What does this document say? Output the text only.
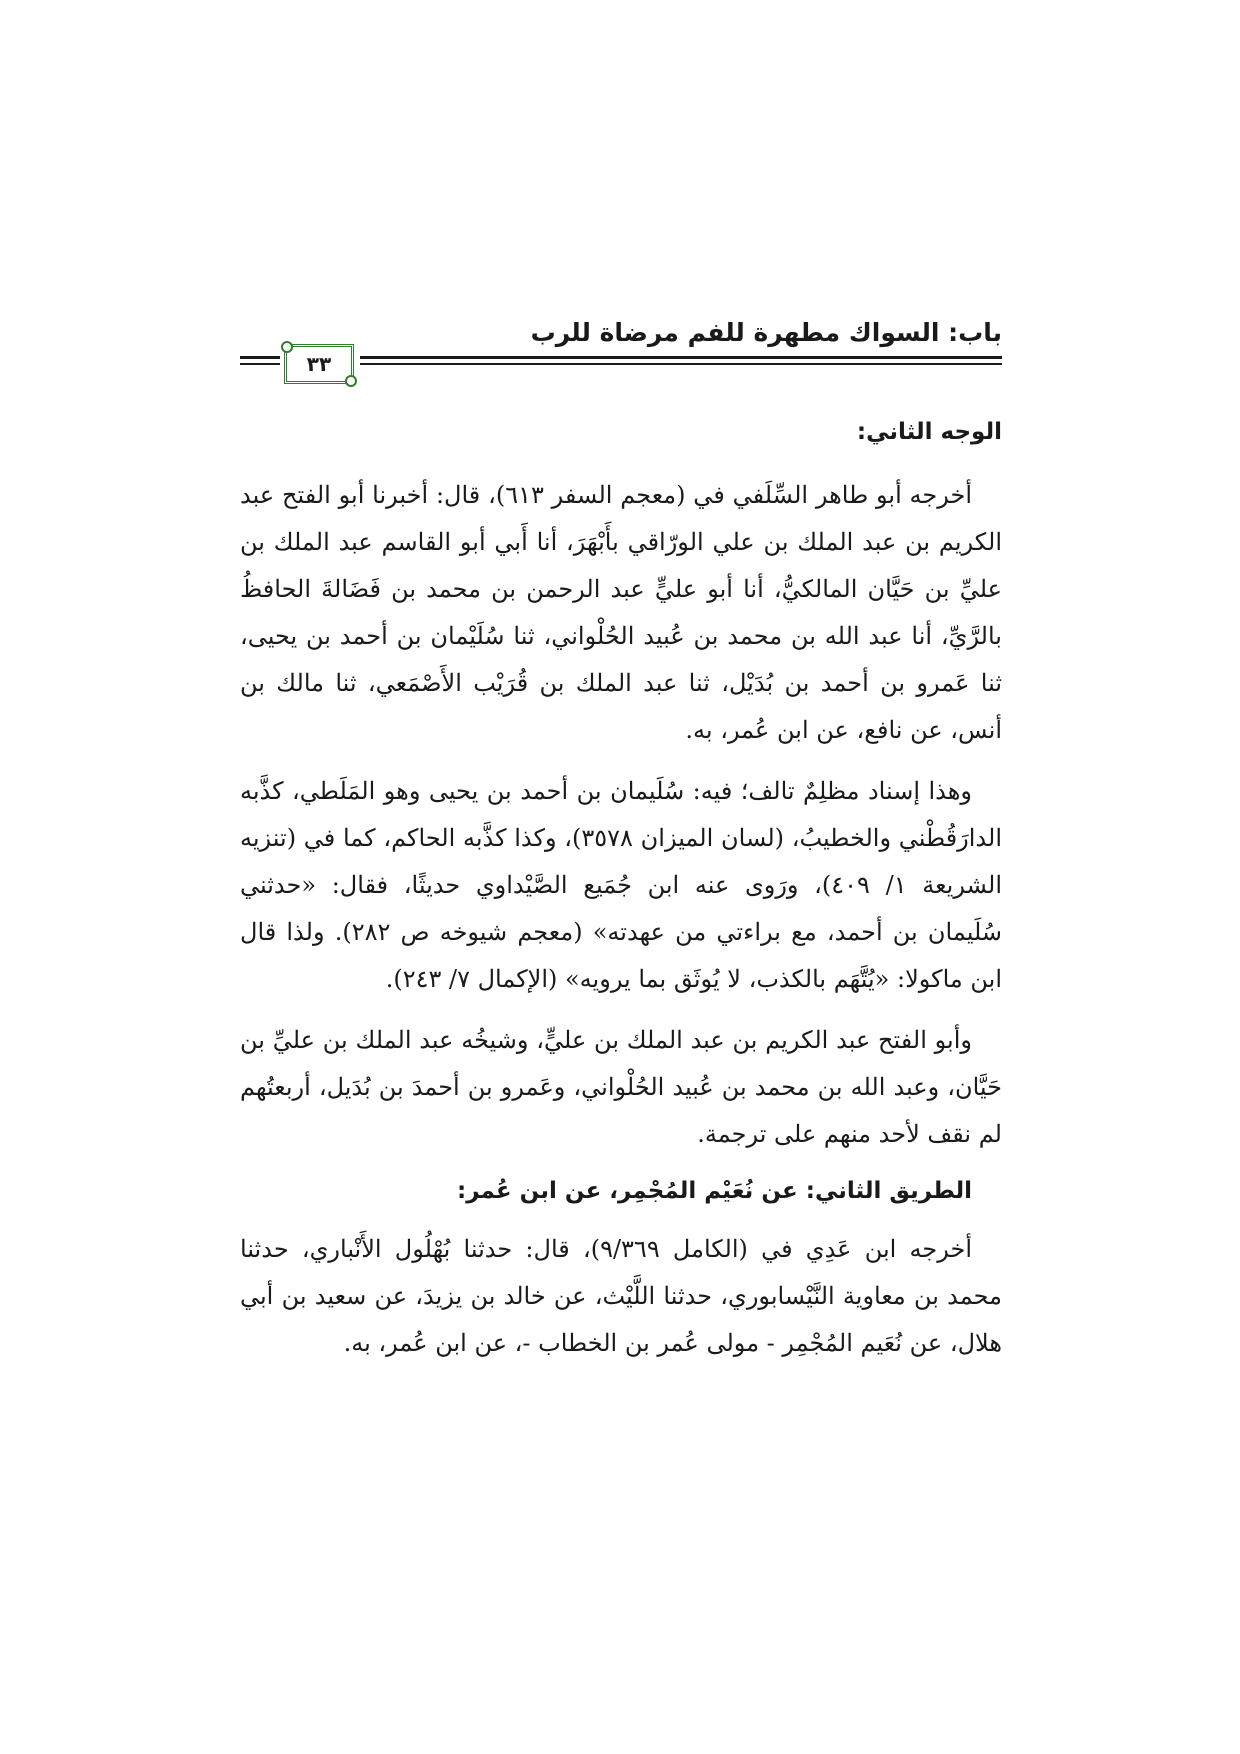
باب: السواك مطهرة للفم مرضاة للرب
٣٣
الوجه الثاني:

أخرجه أبو طاهر السِّلَفي في (معجم السفر ٦١٣)، قال: أخبرنا أبو الفتح عبد الكريم بن عبد الملك بن علي الورّاقي بأَبْهَرَ، أنا أَبي أبو القاسم عبد الملك بن عليِّ بن حَيَّان المالكيُّ، أنا أبو عليٍّ عبد الرحمن بن محمد بن فَضَالةَ الحافظُ بالرَّيِّ، أنا عبد الله بن محمد بن عُبيد الحُلْواني، ثنا سُلَيْمان بن أحمد بن يحيى، ثنا عَمرو بن أحمد بن بُدَيْل، ثنا عبد الملك بن قُرَيْب الأَصْمَعي، ثنا مالك بن أنس، عن نافع، عن ابن عُمر، به.

وهذا إسناد مظلِمٌ تالف؛ فيه: سُلَيمان بن أحمد بن يحيى وهو المَلَطي، كذَّبه الدارَقُطْني والخطيبُ، (لسان الميزان ٣٥٧٨)، وكذا كذَّبه الحاكم، كما في (تنزيه الشريعة ١/ ٤٠٩)، ورَوى عنه ابن جُمَيع الصَّيْداوي حديثًا، فقال: «حدثني سُلَيمان بن أحمد، مع براءتي من عهدته» (معجم شيوخه ص ٢٨٢). ولذا قال ابن ماكولا: «يُتَّهَم بالكذب، لا يُوثَق بما يرويه» (الإكمال ٧/ ٢٤٣).

وأبو الفتح عبد الكريم بن عبد الملك بن عليٍّ، وشيخُه عبد الملك بن عليِّ بن حَيَّان، وعبد الله بن محمد بن عُبيد الحُلْواني، وعَمرو بن أحمدَ بن بُدَيل، أربعتُهم لم نقف لأحد منهم على ترجمة.

الطريق الثاني: عن نُعَيْم المُجْمِر، عن ابن عُمر:

أخرجه ابن عَدِي في (الكامل ٩/٣٦٩)، قال: حدثنا بُهْلُول الأَنْباري، حدثنا محمد بن معاوية النَّيْسابوري، حدثنا اللَّيْث، عن خالد بن يزيدَ، عن سعيد بن أبي هلال، عن نُعَيم المُجْمِر - مولى عُمر بن الخطاب -، عن ابن عُمر، به.
